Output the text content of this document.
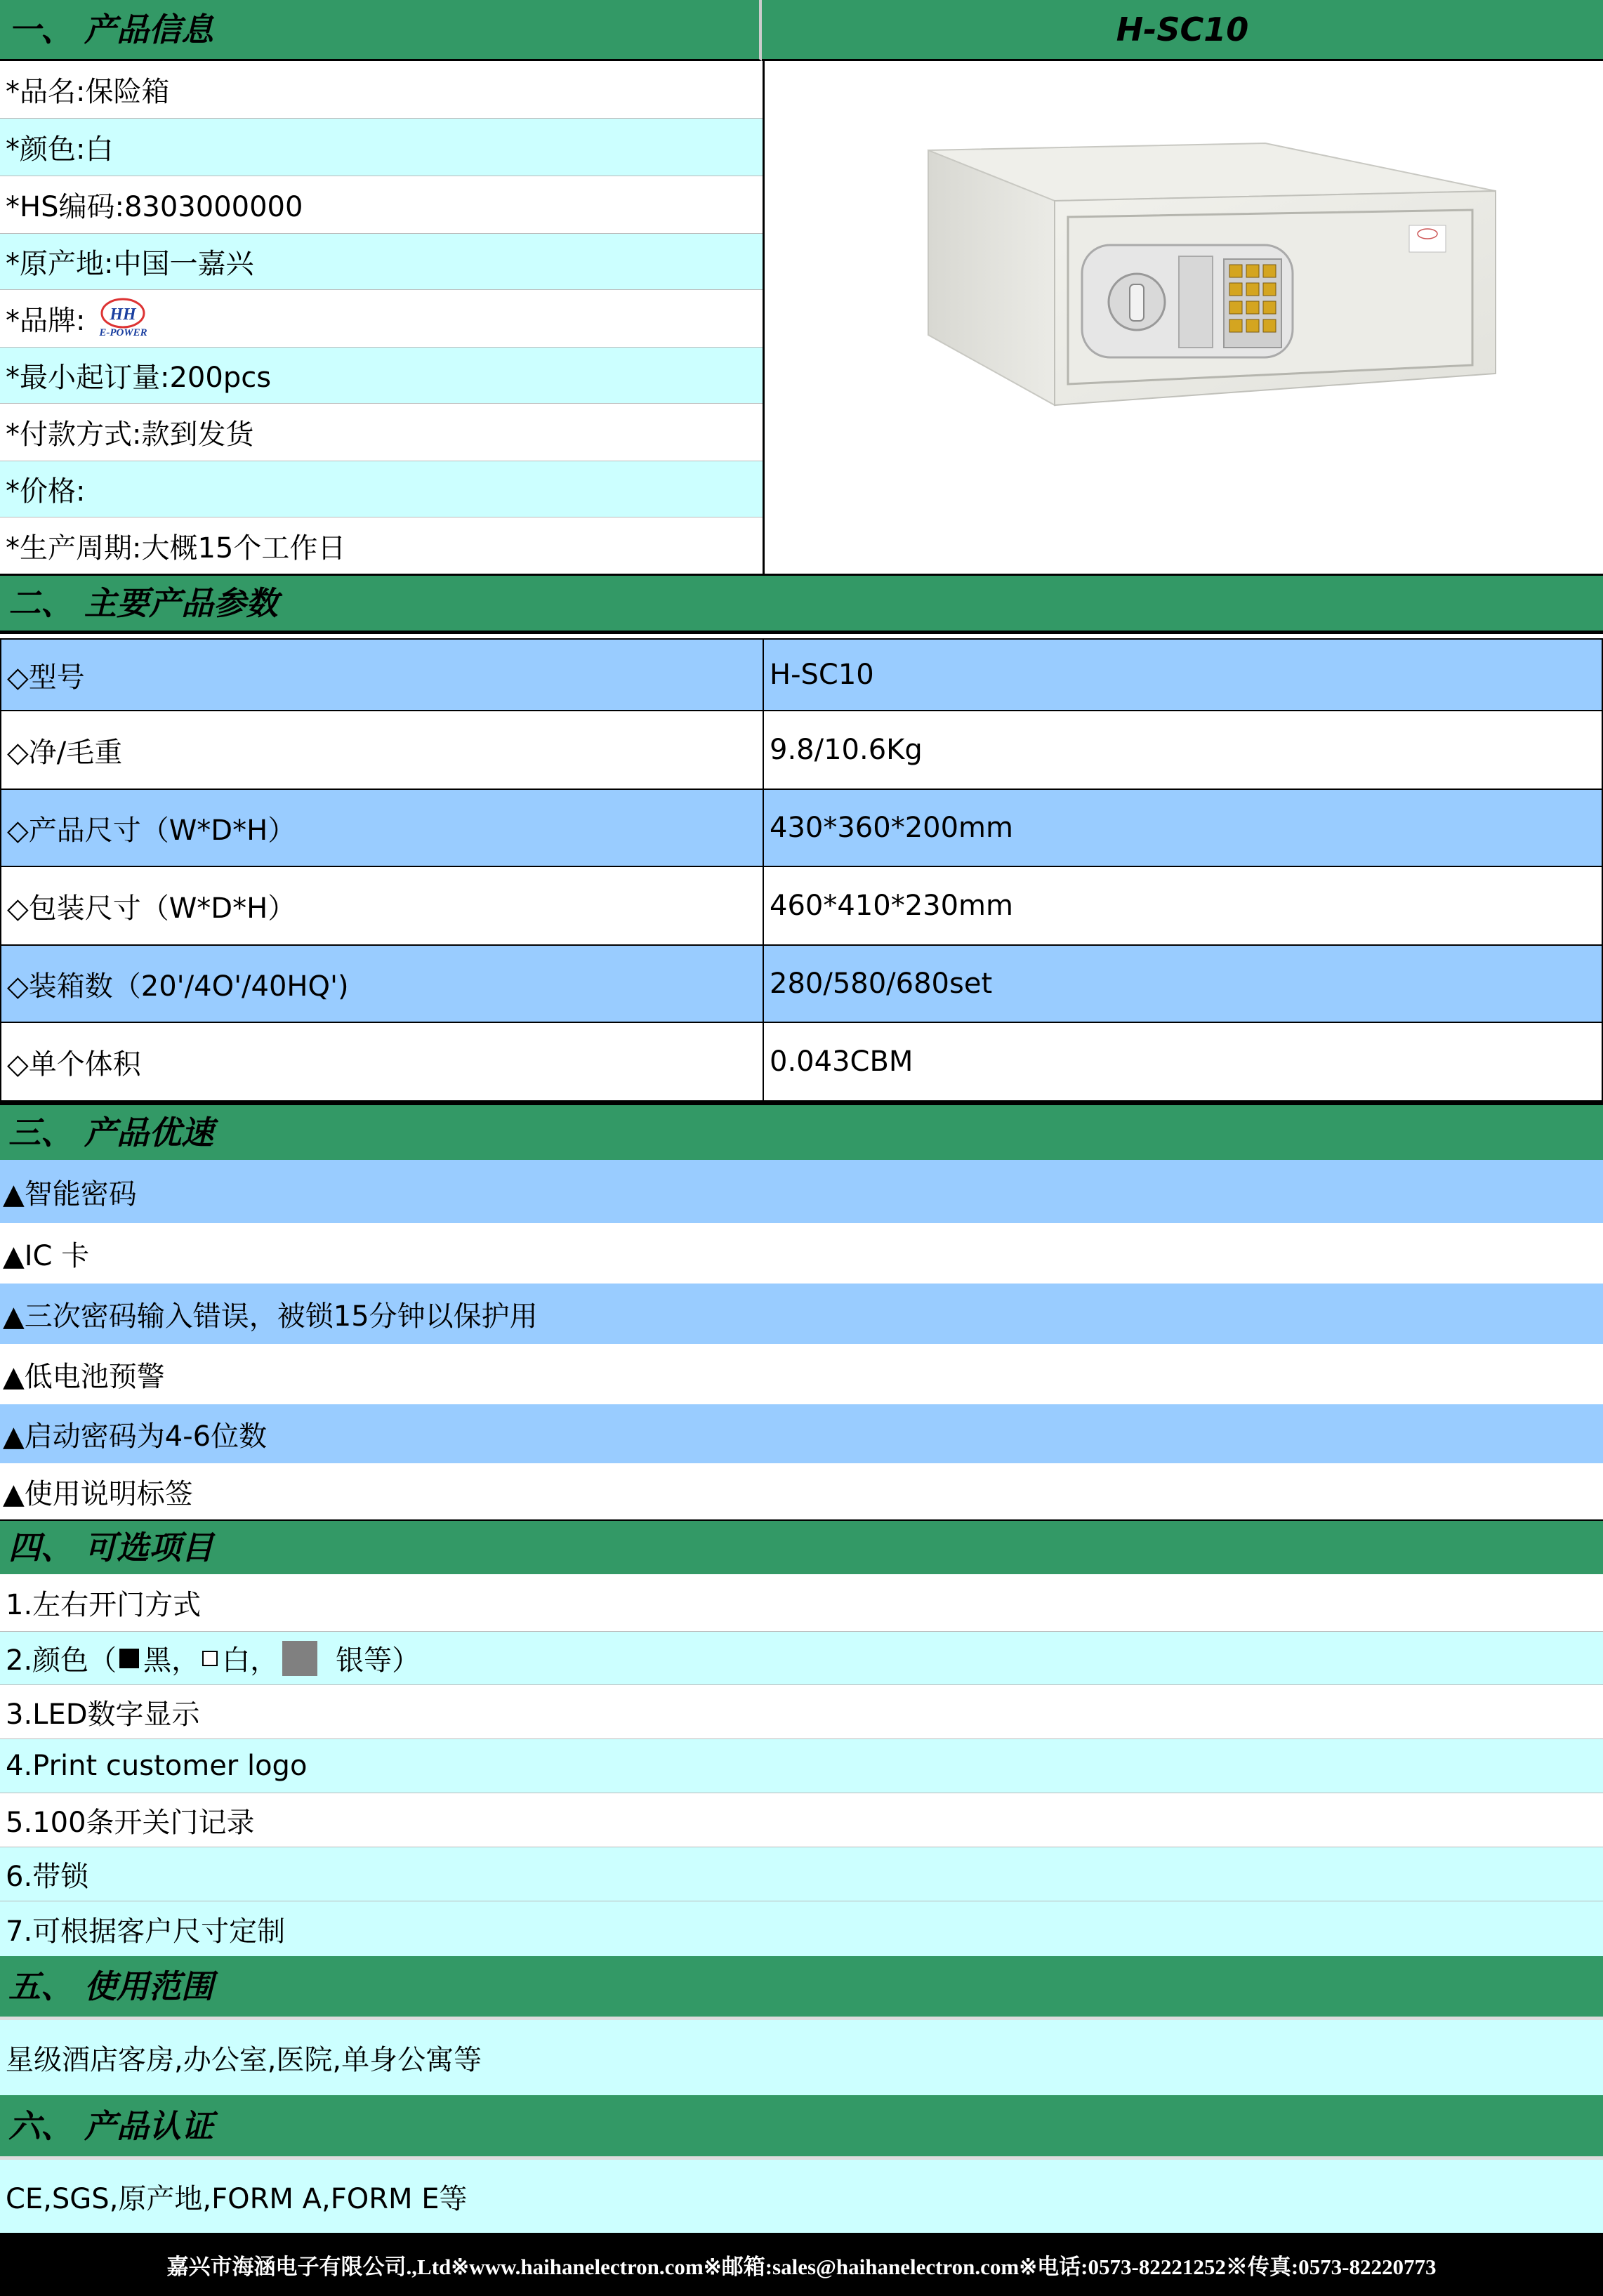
一、 产品信息	H-SC10
*品名:保险箱
*颜色:白
*HS编码:8303000000
*原产地:中国一嘉兴
*品牌: HH
E-POWER
*最小起订量:200pcs
*付款方式:款到发货
*价格:
*生产周期:大概15个工作日
二、 主要产品参数
◇型号	H-SC10
◇净/毛重	9.8/10.6Kg
◇产品尺寸（W*D*H）	430*360*200mm
◇包装尺寸（W*D*H）	460*410*230mm
◇装箱数（20'/4O'/40HQ')	280/580/680set
◇单个体积	0.043CBM
三、 产品优速
▲智能密码
▲IC 卡
▲三次密码输入错误，被锁15分钟以保护用
▲低电池预警
▲启动密码为4-6位数
▲使用说明标签
四、 可选项目
1.左右开门方式
2.颜色（ 黑， 白， 银等）
3.LED数字显示
4.Print customer logo
5.100条开关门记录
6.带锁
7.可根据客户尺寸定制
五、 使用范围
星级酒店客房,办公室,医院,单身公寓等
六、 产品认证
CE,SGS,原产地,FORM A,FORM E等
嘉兴市海涵电子有限公司.,Ltd※www.haihanelectron.com※邮箱:sales@haihanelectron.com※电话:0573-82221252※传真:0573-82220773
